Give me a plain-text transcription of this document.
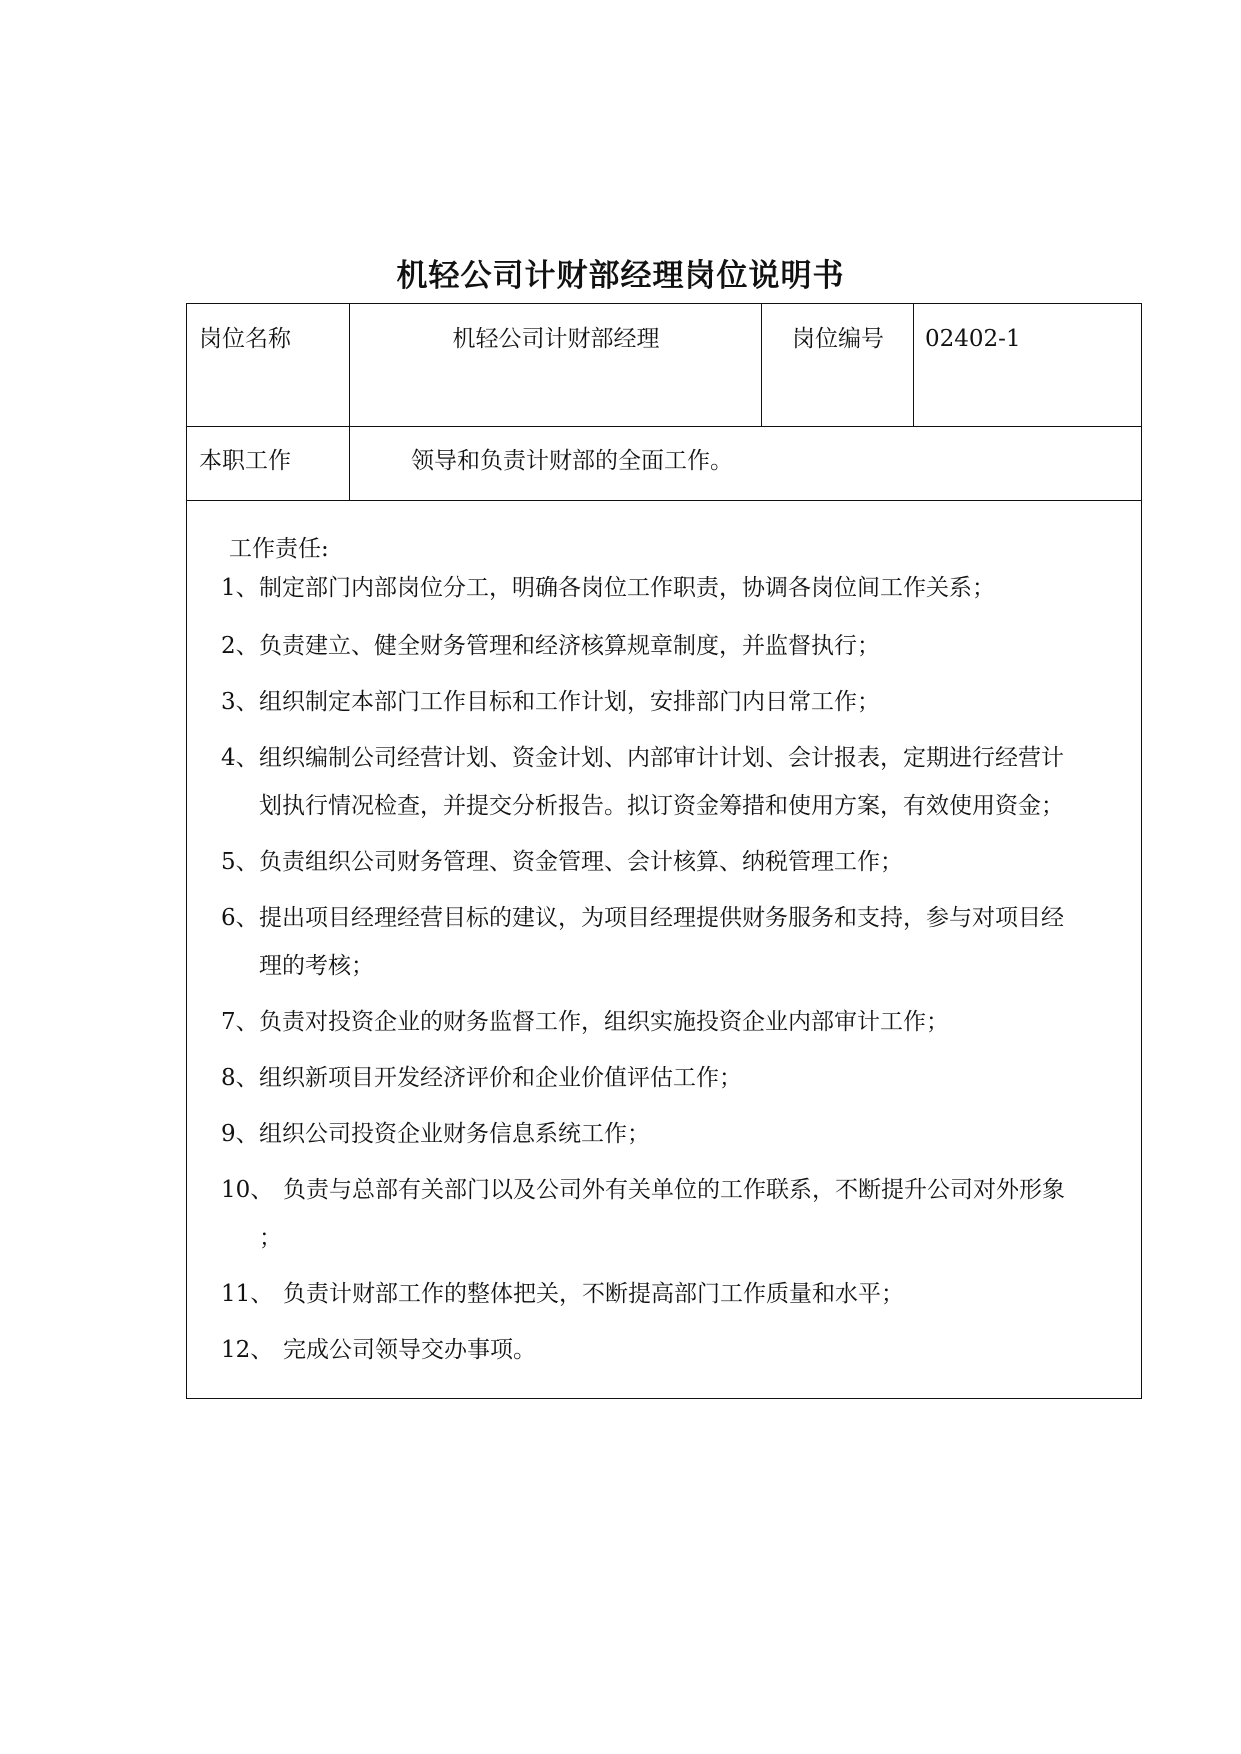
机轻公司计财部经理岗位说明书
岗位名称	机轻公司计财部经理	岗位编号	02402-1
本职工作	领导和负责计财部的全面工作。
工作责任:
1、制定部门内部岗位分工，明确各岗位工作职责，协调各岗位间工作关系；
2、负责建立、健全财务管理和经济核算规章制度，并监督执行；
3、组织制定本部门工作目标和工作计划，安排部门内日常工作；
4、组织编制公司经营计划、资金计划、内部审计计划、会计报表，定期进行经营计
划执行情况检查，并提交分析报告。拟订资金筹措和使用方案，有效使用资金；
5、负责组织公司财务管理、资金管理、会计核算、纳税管理工作；
6、提出项目经理经营目标的建议，为项目经理提供财务服务和支持，参与对项目经
理的考核；
7、负责对投资企业的财务监督工作，组织实施投资企业内部审计工作；
8、组织新项目开发经济评价和企业价值评估工作；
9、组织公司投资企业财务信息系统工作；
10、 负责与总部有关部门以及公司外有关单位的工作联系，不断提升公司对外形象
；
11、 负责计财部工作的整体把关，不断提高部门工作质量和水平；
12、 完成公司领导交办事项。
